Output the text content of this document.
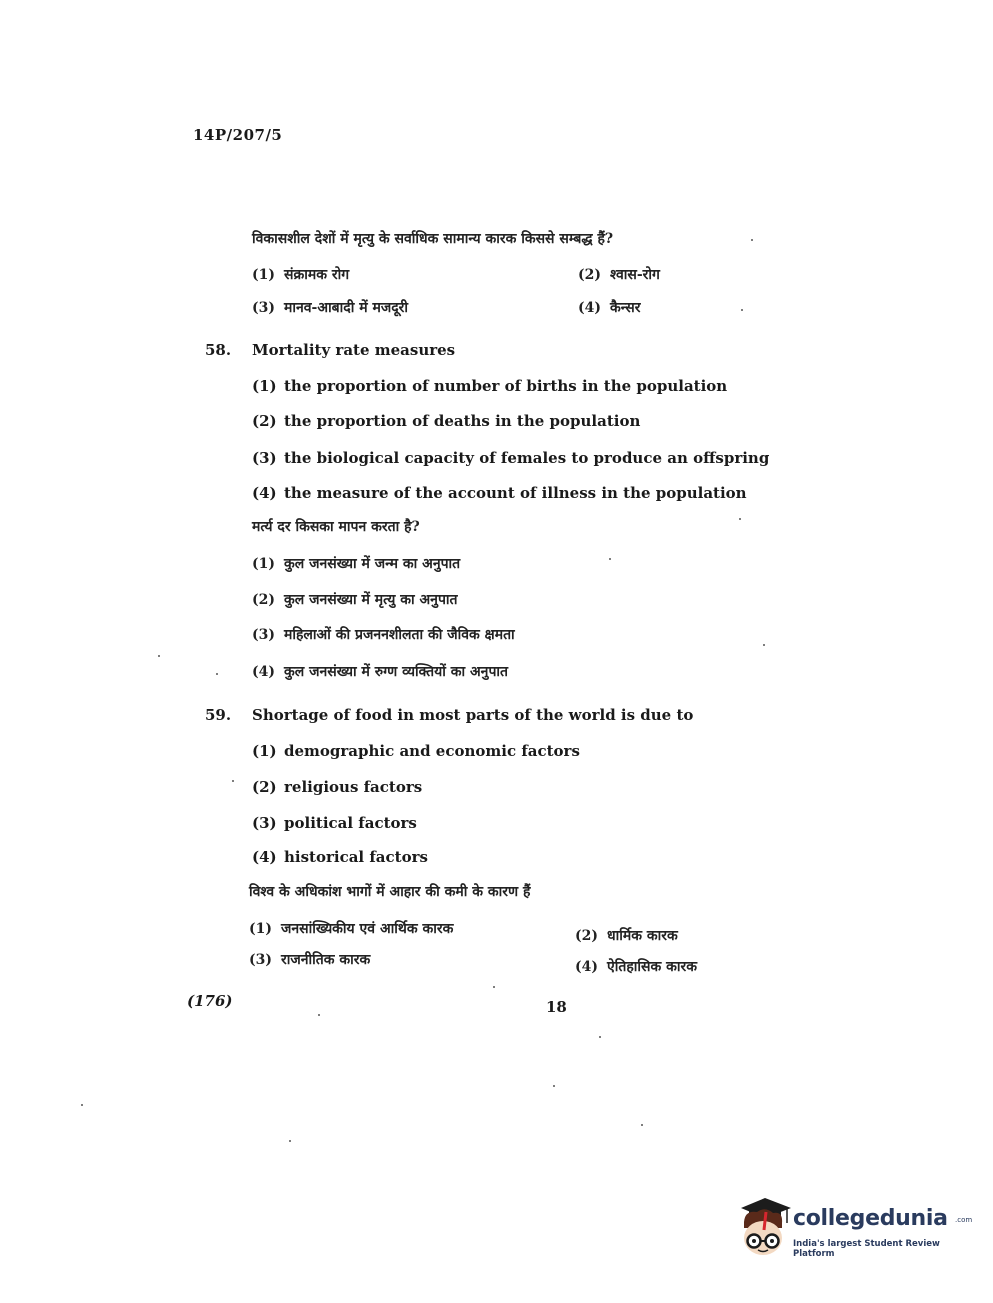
14P/207/5
विकासशील देशों में मृत्यु के सर्वाधिक सामान्य कारक किससे सम्बद्ध हैं?
(1) संक्रामक रोग	(2) श्वास-रोग
(3) मानव-आबादी में मजदूरी	(4) कैन्सर
58. Mortality rate measures
(1) the proportion of number of births in the population
(2) the proportion of deaths in the population
(3) the biological capacity of females to produce an offspring
(4) the measure of the account of illness in the population
मर्त्य दर किसका मापन करता है?
(1) कुल जनसंख्या में जन्म का अनुपात
(2) कुल जनसंख्या में मृत्यु का अनुपात
(3) महिलाओं की प्रजननशीलता की जैविक क्षमता
(4) कुल जनसंख्या में रुग्ण व्यक्तियों का अनुपात
59. Shortage of food in most parts of the world is due to
(1) demographic and economic factors
(2) religious factors
(3) political factors
(4) historical factors
विश्व के अधिकांश भागों में आहार की कमी के कारण हैं
(1) जनसांख्यिकीय एवं आर्थिक कारक	(2) धार्मिक कारक
(3) राजनीतिक कारक	(4) ऐतिहासिक कारक
(176)	18
collegedunia .com
India's largest Student Review Platform
